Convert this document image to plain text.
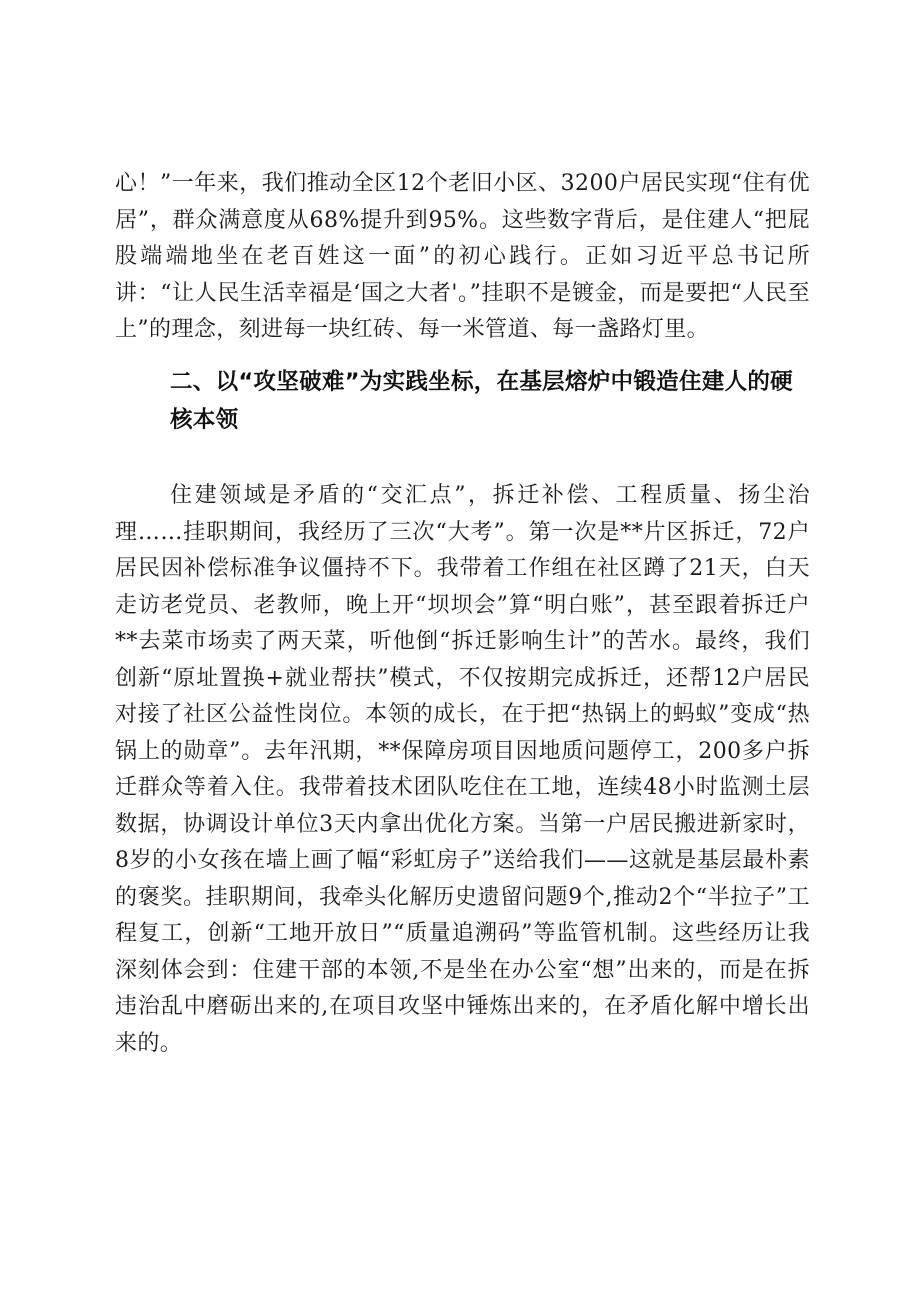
心！”一年来，我们推动全区12个老旧小区、3200户居民实现“住有优居”，群众满意度从68%提升到95%。这些数字背后，是住建人“把屁股端端地坐在老百姓这一面”的初心践行。正如习近平总书记所讲：“让人民生活幸福是‘国之大者'。”挂职不是镀金，而是要把“人民至上”的理念，刻进每一块红砖、每一米管道、每一盏路灯里。

二、以“攻坚破难”为实践坐标，在基层熔炉中锻造住建人的硬核本领

住建领域是矛盾的“交汇点”，拆迁补偿、工程质量、扬尘治理……挂职期间，我经历了三次“大考”。第一次是**片区拆迁，72户居民因补偿标准争议僵持不下。我带着工作组在社区蹲了21天，白天走访老党员、老教师，晚上开“坝坝会”算“明白账”，甚至跟着拆迁户**去菜市场卖了两天菜，听他倒“拆迁影响生计”的苦水。最终，我们创新“原址置换+就业帮扶”模式，不仅按期完成拆迁，还帮12户居民对接了社区公益性岗位。本领的成长，在于把“热锅上的蚂蚁”变成“热锅上的勋章”。去年汛期，**保障房项目因地质问题停工，200多户拆迁群众等着入住。我带着技术团队吃住在工地，连续48小时监测土层数据，协调设计单位3天内拿出优化方案。当第一户居民搬进新家时，8岁的小女孩在墙上画了幅“彩虹房子”送给我们——这就是基层最朴素的褒奖。挂职期间，我牵头化解历史遗留问题9个,推动2个“半拉子”工程复工，创新“工地开放日”“质量追溯码”等监管机制。这些经历让我深刻体会到：住建干部的本领,不是坐在办公室“想”出来的，而是在拆违治乱中磨砺出来的,在项目攻坚中锤炼出来的，在矛盾化解中增长出来的。
